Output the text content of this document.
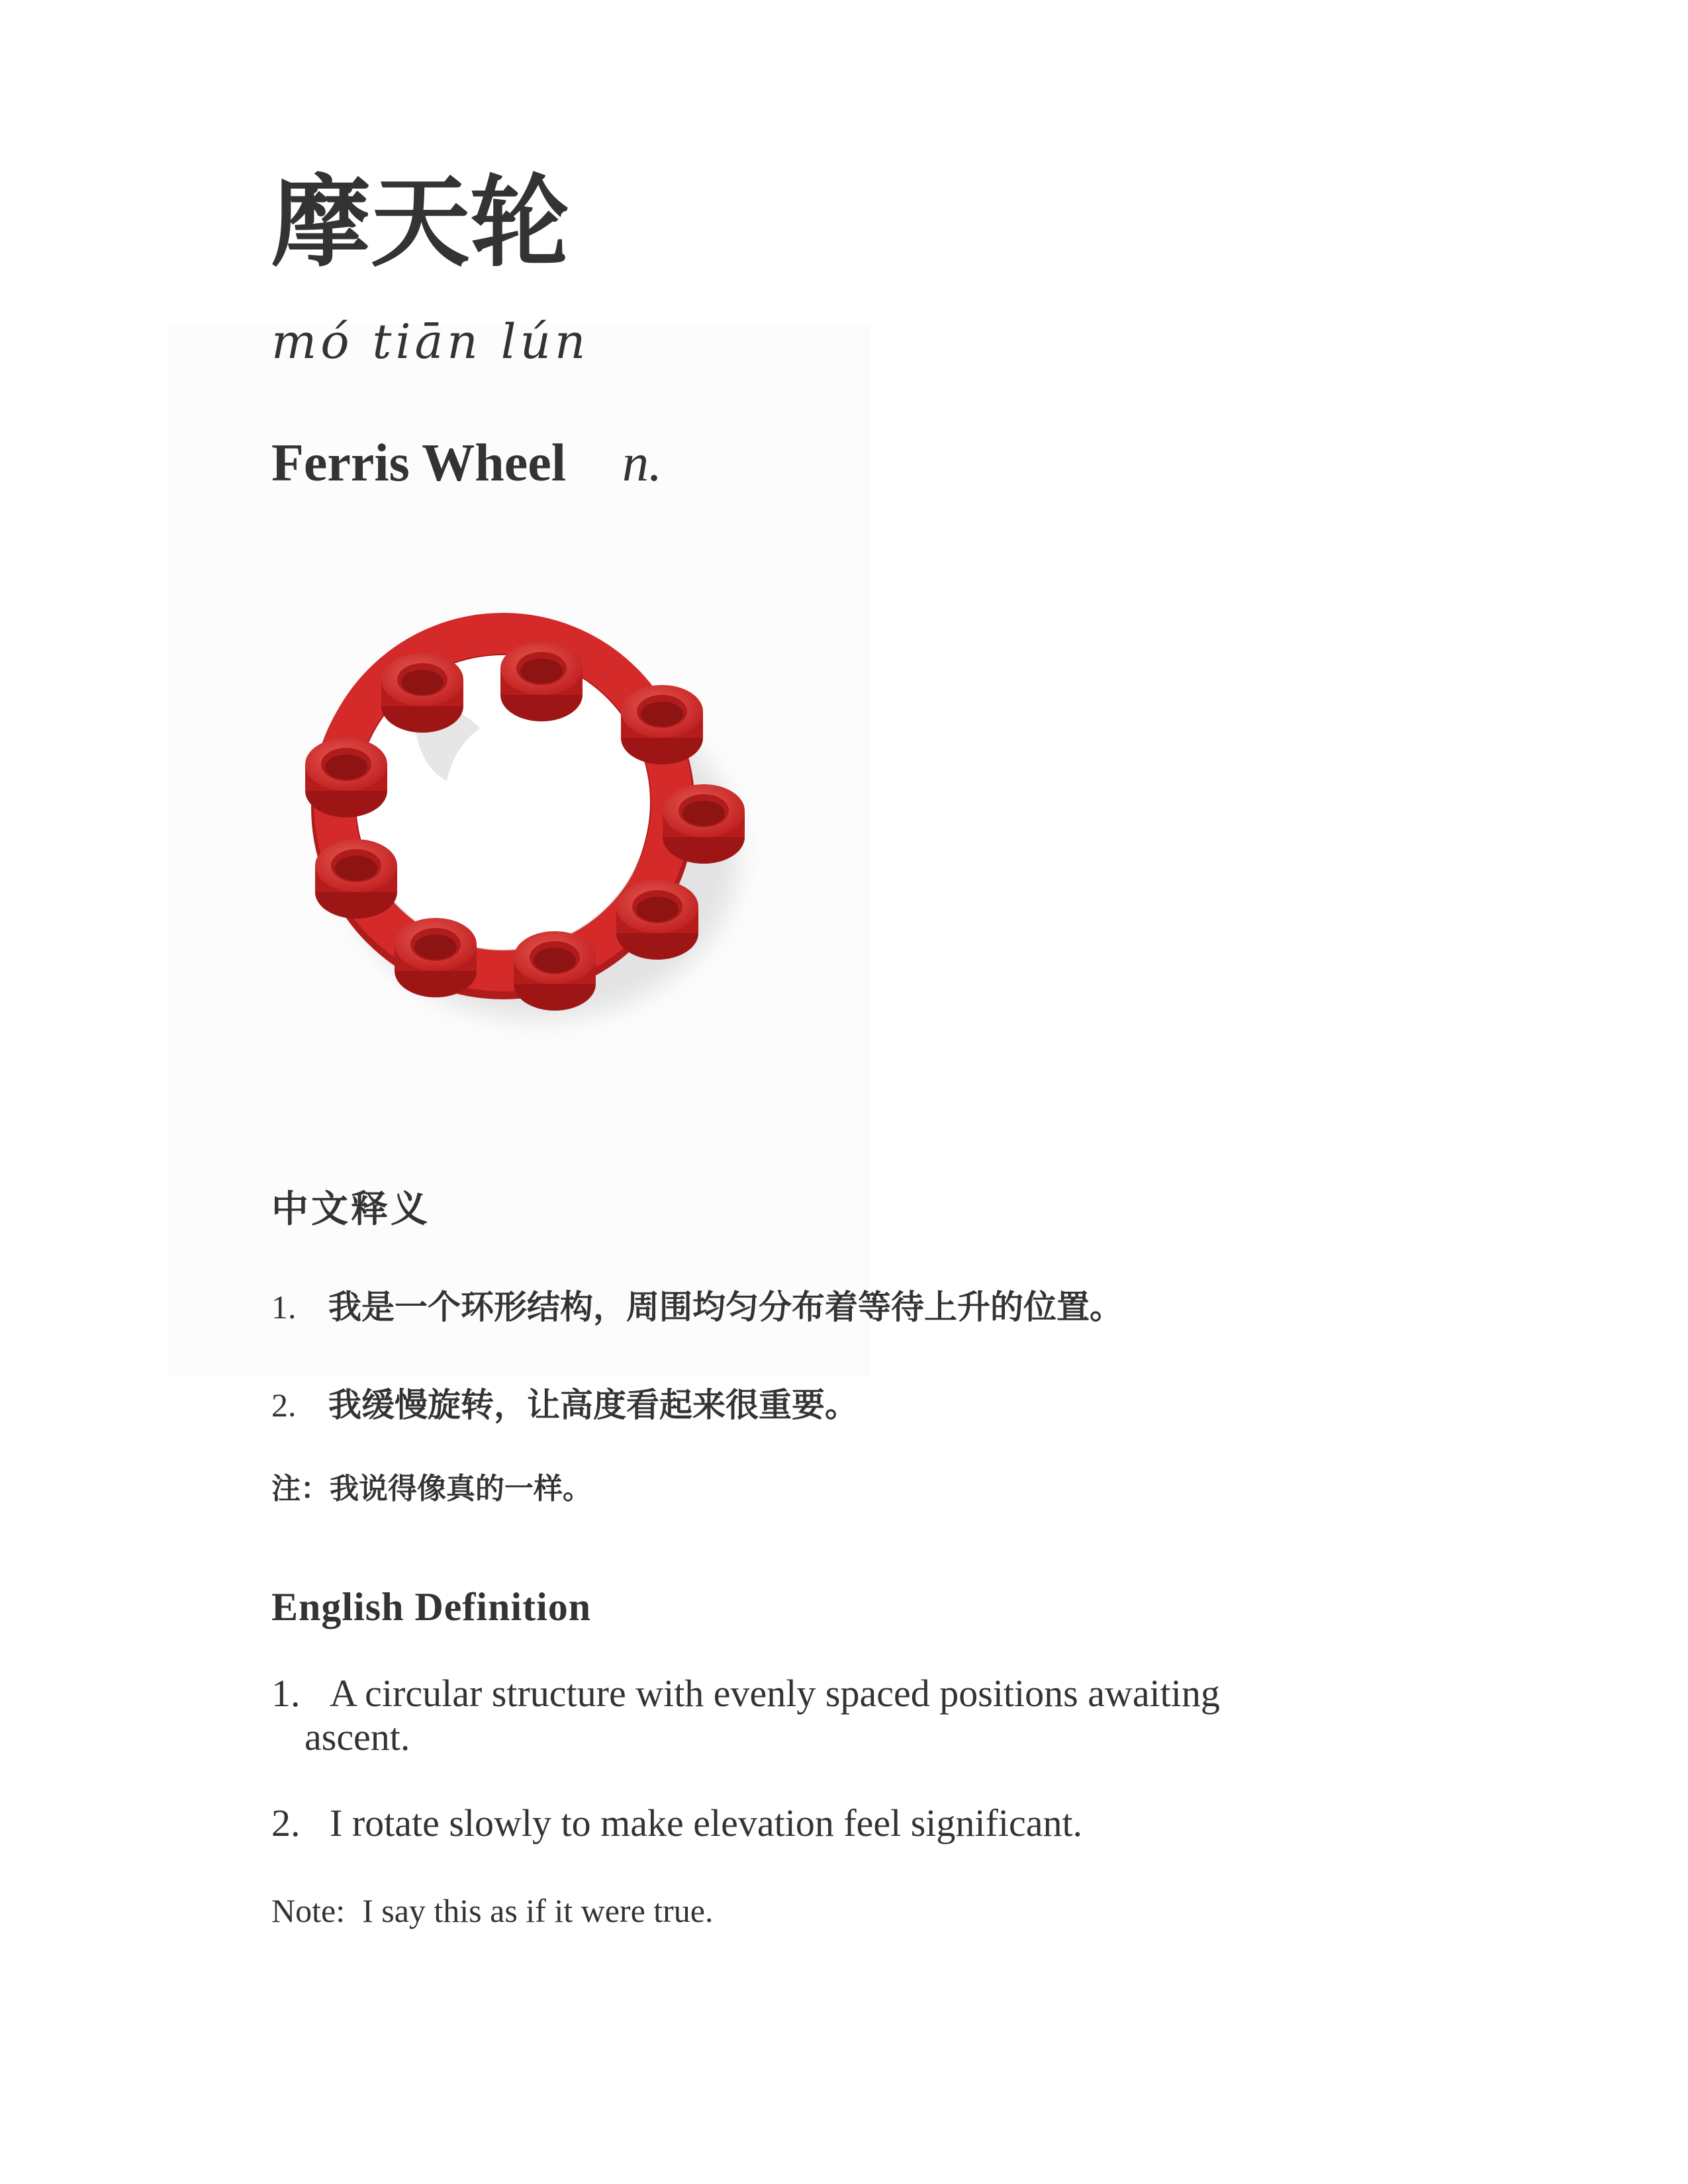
摩天轮
mó tiān lún
Ferris Wheel n.
中文释义
1. 我是一个环形结构，周围均匀分布着等待上升的位置。
2. 我缓慢旋转，让高度看起来很重要。
注：我说得像真的一样。
English Definition
1. A circular structure with evenly spaced positions awaiting
ascent.
2. I rotate slowly to make elevation feel significant.
Note: I say this as if it were true.
